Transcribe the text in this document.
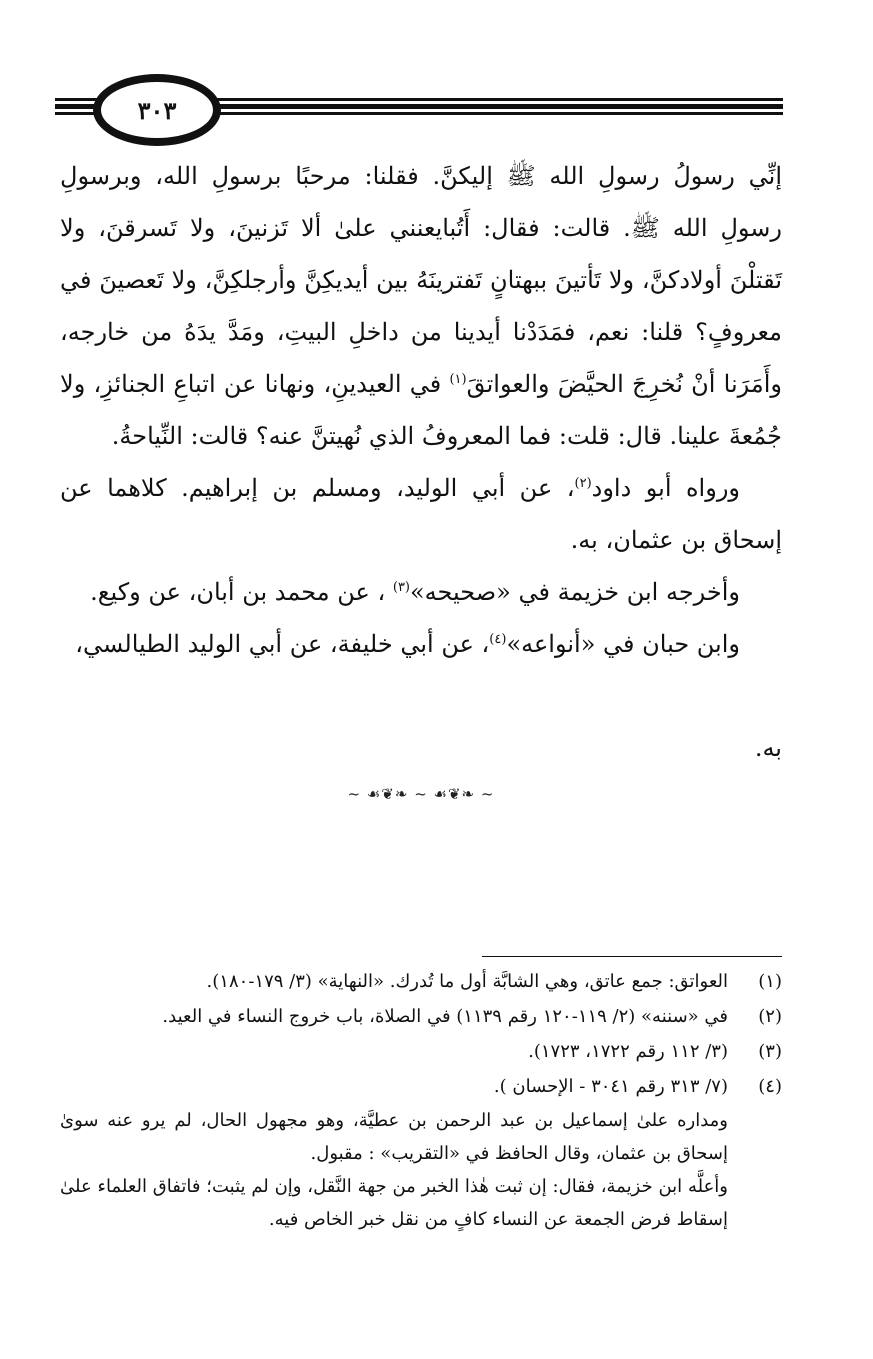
٣٠٣

إنِّي رسولُ رسولِ الله ﷺ إليكنَّ. فقلنا: مرحبًا برسولِ الله، وبرسولِ رسولِ الله ﷺ. قالت: فقال: أَتُبايعنني علىٰ ألا تَزنينَ، ولا تَسرقنَ، ولا تَقتلْنَ أولادكنَّ، ولا تَأتينَ ببهتانٍ تَفترينَهُ بين أيديكِنَّ وأرجلكِنَّ، ولا تَعصينَ في معروفٍ؟ قلنا: نعم، فمَدَدْنا أيدينا من داخلِ البيتِ، ومَدَّ يدَهُ من خارجه، وأَمَرَنا أنْ نُخرِجَ الحيَّضَ والعواتقَ$^{(١)}$ في العيدينِ، ونهانا عن اتباعِ الجنائزِ، ولا جُمُعةَ علينا. قال: قلت: فما المعروفُ الذي نُهيتنَّ عنه؟ قالت: النِّياحةُ.

ورواه أبو داود$^{(٢)}$، عن أبي الوليد، ومسلم بن إبراهيم. كلاهما عن إسحاق بن عثمان، به.

وأخرجه ابن خزيمة في «صحيحه»$^{(٣)}$ ، عن محمد بن أبان، عن وكيع.

وابن حبان في «أنواعه»$^{(٤)}$، عن أبي خليفة، عن أبي الوليد الطيالسي،

به.

~ ☙❦❧ ~ ☙❦❧ ~
(١)
العواتق: جمع عاتق، وهي الشابَّة أول ما تُدرك. «النهاية» (٣/ ١٧٩-١٨٠).
(٢)
في «سننه» (٢/ ١١٩-١٢٠ رقم ١١٣٩) في الصلاة، باب خروج النساء في العيد.
(٣)
(٣/ ١١٢ رقم ١٧٢٢، ١٧٢٣).
(٤)
(٧/ ٣١٣ رقم ٣٠٤١ - الإحسان ).
ومداره علىٰ إسماعيل بن عبد الرحمن بن عطيَّة، وهو مجهول الحال، لم يرو عنه سوىٰ إسحاق بن عثمان، وقال الحافظ في «التقريب» : مقبول.
وأعلَّه ابن خزيمة، فقال: إن ثبت هٰذا الخبر من جهة النَّقل، وإن لم يثبت؛ فاتفاق العلماء علىٰ إسقاط فرض الجمعة عن النساء كافٍ من نقل خبر الخاص فيه.
